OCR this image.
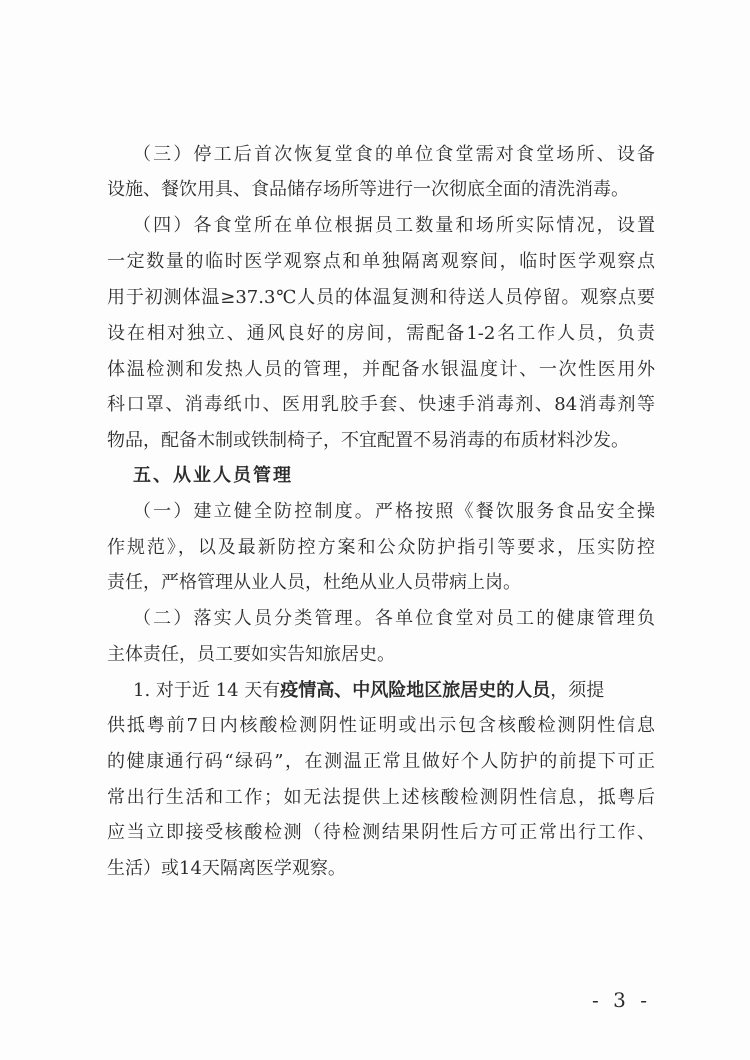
（三）停工后首次恢复堂食的单位食堂需对食堂场所、设备
设施、餐饮用具、食品储存场所等进行一次彻底全面的清洗消毒。
（四）各食堂所在单位根据员工数量和场所实际情况，设置
一定数量的临时医学观察点和单独隔离观察间，临时医学观察点
用于初测体温≥37.3℃人员的体温复测和待送人员停留。观察点要
设在相对独立、通风良好的房间，需配备1-2名工作人员，负责
体温检测和发热人员的管理，并配备水银温度计、一次性医用外
科口罩、消毒纸巾、医用乳胶手套、快速手消毒剂、84消毒剂等
物品，配备木制或铁制椅子，不宜配置不易消毒的布质材料沙发。
五、从业人员管理
（一）建立健全防控制度。严格按照《餐饮服务食品安全操
作规范》，以及最新防控方案和公众防护指引等要求，压实防控
责任，严格管理从业人员，杜绝从业人员带病上岗。
（二）落实人员分类管理。各单位食堂对员工的健康管理负
主体责任，员工要如实告知旅居史。
1. 对于近 14 天有疫情高、中风险地区旅居史的人员，须提
供抵粤前7日内核酸检测阴性证明或出示包含核酸检测阴性信息
的健康通行码“绿码”，在测温正常且做好个人防护的前提下可正
常出行生活和工作；如无法提供上述核酸检测阴性信息，抵粤后
应当立即接受核酸检测（待检测结果阴性后方可正常出行工作、
生活）或14天隔离医学观察。
- 3 -
